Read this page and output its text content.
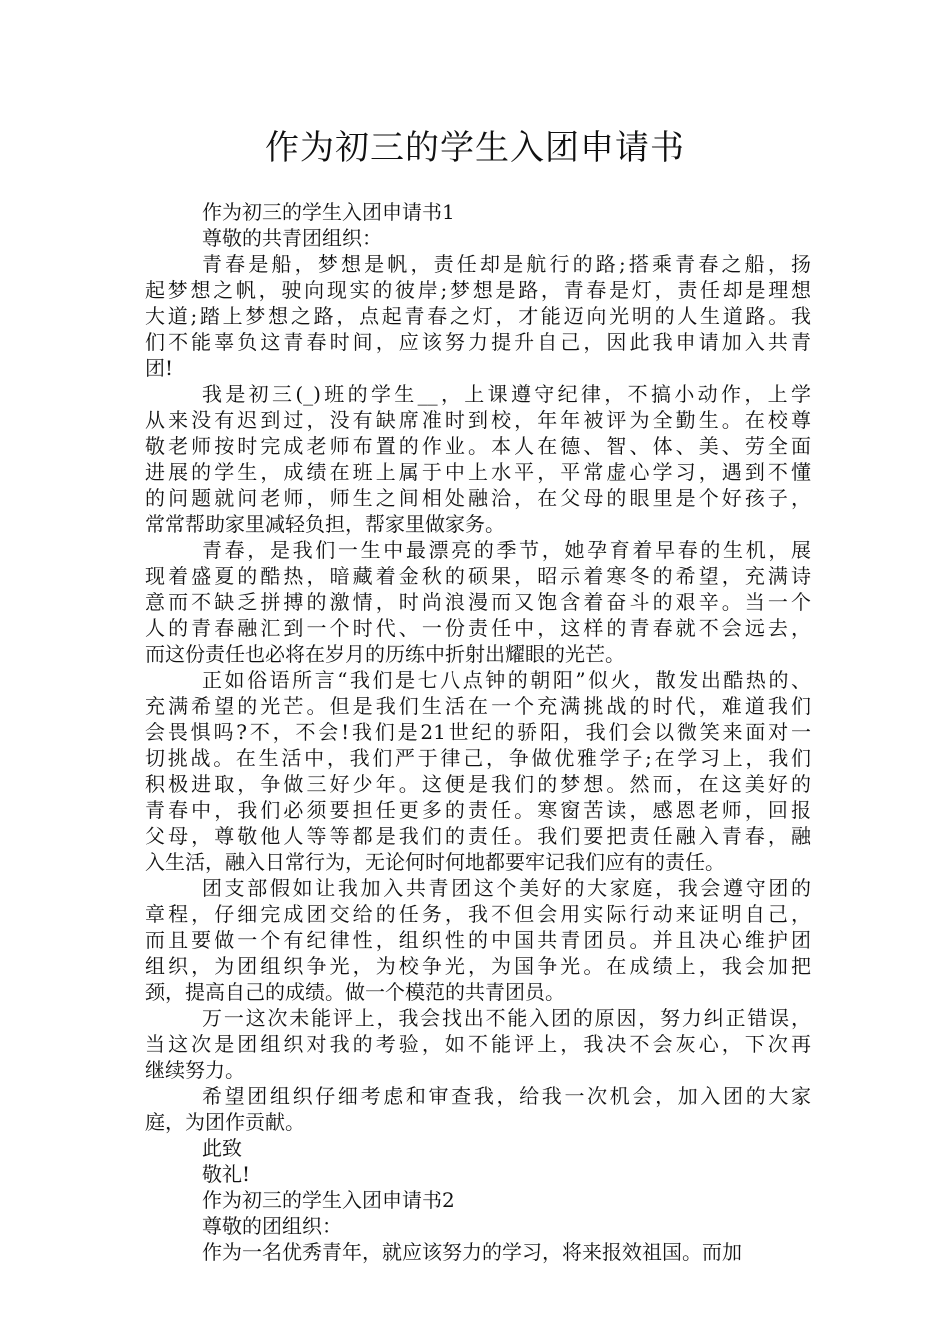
作为初三的学生入团申请书
作为初三的学生入团申请书1
尊敬的共青团组织：
青春是船，梦想是帆，责任却是航行的路;搭乘青春之船，扬
起梦想之帆，驶向现实的彼岸;梦想是路，青春是灯，责任却是理想
大道;踏上梦想之路，点起青春之灯，才能迈向光明的人生道路。我
们不能辜负这青春时间，应该努力提升自己，因此我申请加入共青
团!
我是初三(_)班的学生__，上课遵守纪律，不搞小动作，上学
从来没有迟到过，没有缺席准时到校，年年被评为全勤生。在校尊
敬老师按时完成老师布置的作业。本人在德、智、体、美、劳全面
进展的学生，成绩在班上属于中上水平，平常虚心学习，遇到不懂
的问题就问老师，师生之间相处融洽，在父母的眼里是个好孩子，
常常帮助家里减轻负担，帮家里做家务。
青春，是我们一生中最漂亮的季节，她孕育着早春的生机，展
现着盛夏的酷热，暗藏着金秋的硕果，昭示着寒冬的希望，充满诗
意而不缺乏拼搏的激情，时尚浪漫而又饱含着奋斗的艰辛。当一个
人的青春融汇到一个时代、一份责任中，这样的青春就不会远去，
而这份责任也必将在岁月的历练中折射出耀眼的光芒。
正如俗语所言“我们是七八点钟的朝阳”似火，散发出酷热的、
充满希望的光芒。但是我们生活在一个充满挑战的时代，难道我们
会畏惧吗?不，不会!我们是21世纪的骄阳，我们会以微笑来面对一
切挑战。在生活中，我们严于律己，争做优雅学子;在学习上，我们
积极进取，争做三好少年。这便是我们的梦想。然而，在这美好的
青春中，我们必须要担任更多的责任。寒窗苦读，感恩老师，回报
父母，尊敬他人等等都是我们的责任。我们要把责任融入青春，融
入生活，融入日常行为，无论何时何地都要牢记我们应有的责任。
团支部假如让我加入共青团这个美好的大家庭，我会遵守团的
章程，仔细完成团交给的任务，我不但会用实际行动来证明自己，
而且要做一个有纪律性，组织性的中国共青团员。并且决心维护团
组织，为团组织争光，为校争光，为国争光。在成绩上，我会加把
颈，提高自己的成绩。做一个模范的共青团员。
万一这次未能评上，我会找出不能入团的原因，努力纠正错误，
当这次是团组织对我的考验，如不能评上，我决不会灰心，下次再
继续努力。
希望团组织仔细考虑和审查我，给我一次机会，加入团的大家
庭，为团作贡献。
此致
敬礼!
作为初三的学生入团申请书2
尊敬的团组织：
作为一名优秀青年，就应该努力的学习，将来报效祖国。而加
